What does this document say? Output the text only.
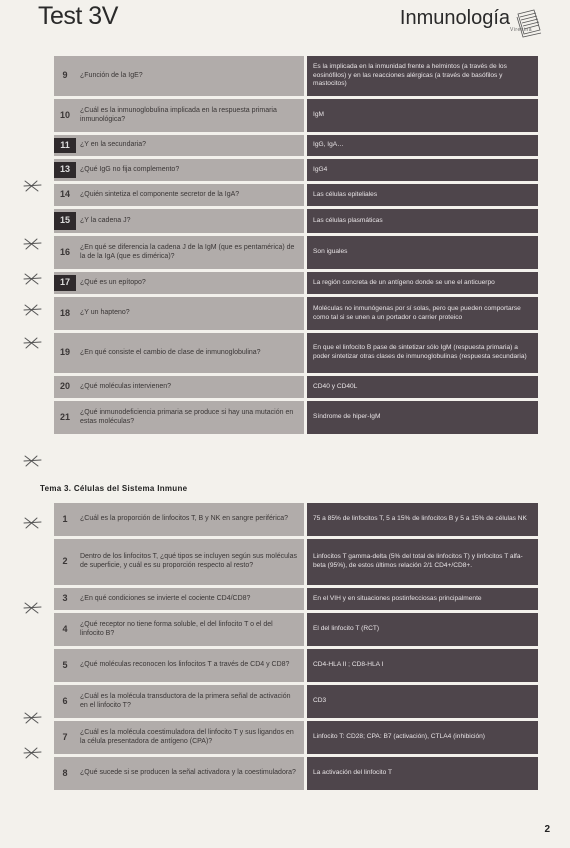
Test 3V	Inmunología
Viresina
9	¿Función de la IgE?
Es la implicada en la inmunidad frente a helmintos (a través de los eosinófilos) y en las reacciones alérgicas (a través de basófilos y mastocitos)
10	¿Cuál es la inmunoglobulina implicada en la respuesta primaria inmunológica?
IgM
11	¿Y en la secundaria?	IgG, IgA…
13	¿Qué IgG no fija complemento?	IgG4
14	¿Quién sintetiza el componente secretor de la IgA?	Las células epiteliales
15	¿Y la cadena J?	Las células plasmáticas
16	¿En qué se diferencia la cadena J de la IgM (que es pentamérica) de la de la IgA (que es dimérica)?
Son iguales
17	¿Qué es un epítopo?	La región concreta de un antígeno donde se une el anticuerpo
18	¿Y un hapteno?
Moléculas no inmunógenas por sí solas, pero que pueden comportarse como tal si se unen a un portador o carrier proteico
19	¿En qué consiste el cambio de clase de inmunoglobulina?
En que el linfocito B pase de sintetizar sólo IgM (respuesta primaria) a poder sintetizar otras clases de inmunoglobulinas (respuesta secundaria)
20	¿Qué moléculas intervienen?	CD40 y CD40L
21	¿Qué inmunodeficiencia primaria se produce si hay una mutación en estas moléculas?
Síndrome de hiper-IgM
Tema 3. Células del Sistema Inmune
1	¿Cuál es la proporción de linfocitos T, B y NK en sangre periférica?	75 a 85% de linfocitos T, 5 a 15% de linfocitos B y 5 a 15% de células NK
2	Dentro de los linfocitos T, ¿qué tipos se incluyen según sus moléculas de superficie, y cuál es su proporción respecto al resto?
Linfocitos T gamma-delta (5% del total de linfocitos T) y linfocitos T alfa-beta (95%), de estos últimos relación 2/1 CD4+/CD8+.
3	¿En qué condiciones se invierte el cociente CD4/CD8?	En el VIH y en situaciones postinfecciosas principalmente
4	¿Qué receptor no tiene forma soluble, el del linfocito T o el del linfocito B?
El del linfocito T (RCT)
5	¿Qué moléculas reconocen los linfocitos T a través de CD4 y CD8?	CD4-HLA II ; CD8-HLA I
6	¿Cuál es la molécula transductora de la primera señal de activación en el linfocito T?
CD3
7	¿Cuál es la molécula coestimuladora del linfocito T y sus ligandos en la célula presentadora de antígeno (CPA)?
Linfocito T: CD28; CPA: B7 (activación), CTLA4 (inhibición)
8	¿Qué sucede si se producen la señal activadora y la coestimuladora?	La activación del linfocito T
2
